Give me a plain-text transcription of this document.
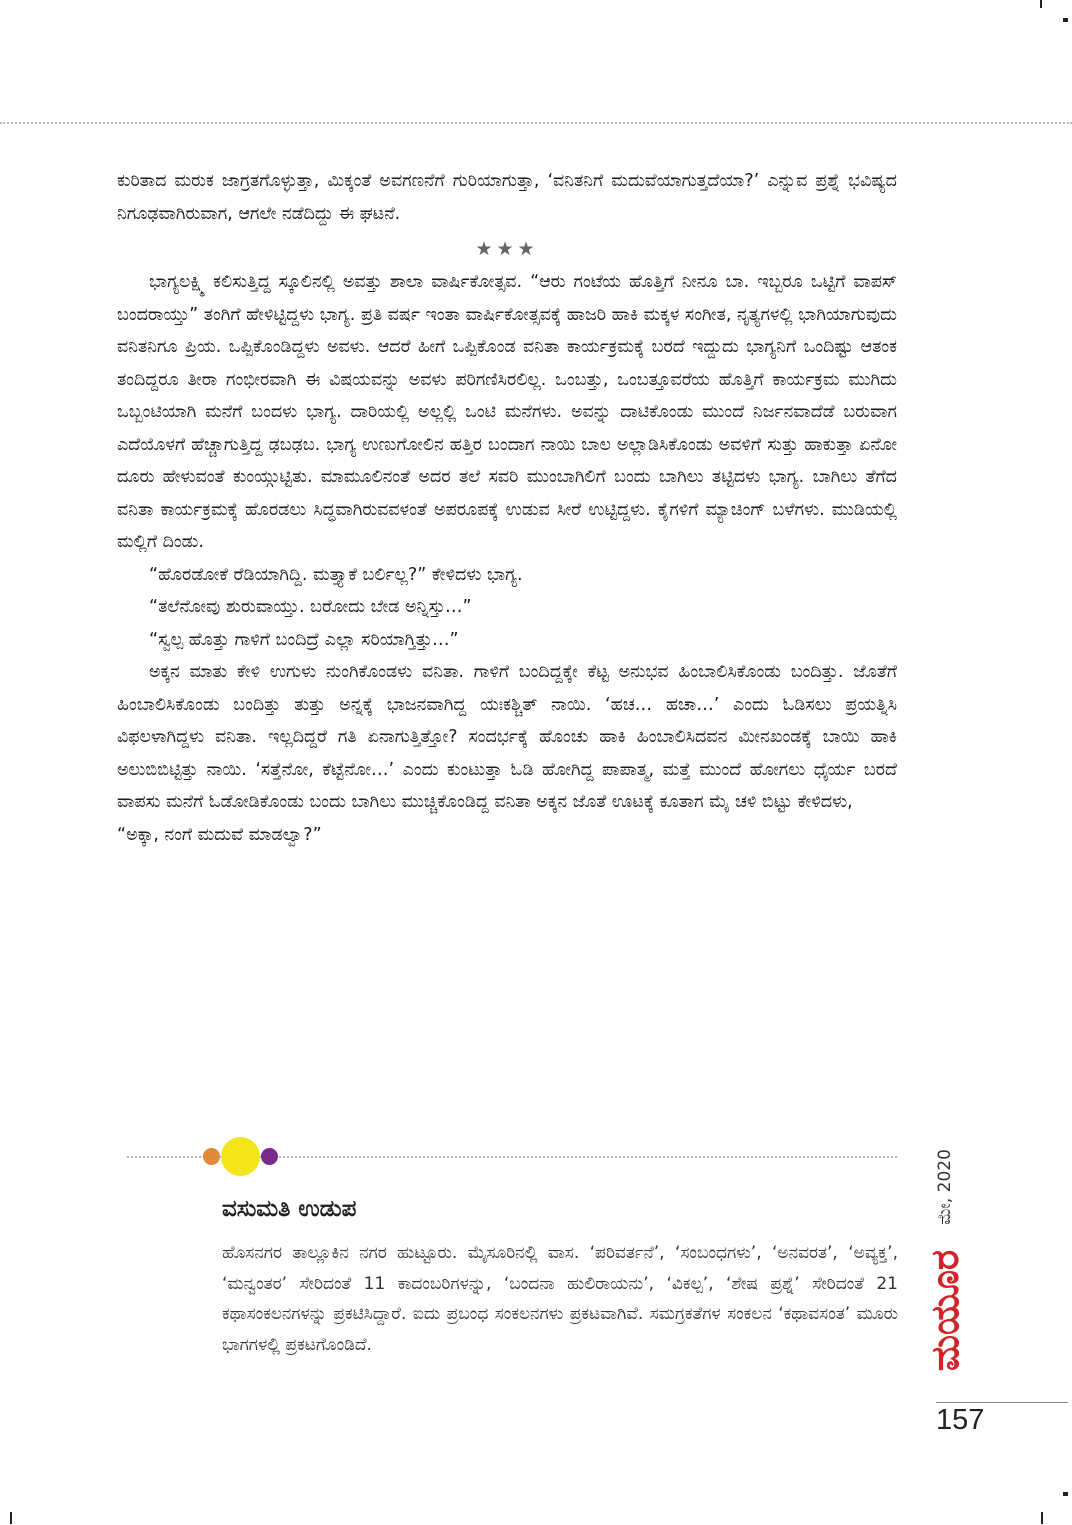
ಕುರಿತಾದ ಮರುಕ ಜಾಗ್ರತಗೊಳ್ಳುತ್ತಾ, ಮಿಕ್ಕಂತೆ ಅವಗಣನೆಗೆ ಗುರಿಯಾಗುತ್ತಾ, ‘ವನಿತನಿಗೆ ಮದುವೆಯಾಗುತ್ತದೆಯಾ?’ ಎನ್ನುವ ಪ್ರಶ್ನೆ ಭವಿಷ್ಯದ ನಿಗೂಢವಾಗಿರುವಾಗ, ಆಗಲೇ ನಡೆದಿದ್ದು ಈ ಘಟನೆ.

★★★

ಭಾಗ್ಯಲಕ್ಷ್ಮಿ ಕಲಿಸುತ್ತಿದ್ದ ಸ್ಕೂಲಿನಲ್ಲಿ ಅವತ್ತು ಶಾಲಾ ವಾರ್ಷಿಕೋತ್ಸವ. “ಆರು ಗಂಟೆಯ ಹೊತ್ತಿಗೆ ನೀನೂ ಬಾ. ಇಬ್ಬರೂ ಒಟ್ಟಿಗೆ ವಾಪಸ್ ಬಂದರಾಯ್ತು” ತಂಗಿಗೆ ಹೇಳಿಟ್ಟಿದ್ದಳು ಭಾಗ್ಯ. ಪ್ರತಿ ವರ್ಷ ಇಂತಾ ವಾರ್ಷಿಕೋತ್ಸವಕ್ಕೆ ಹಾಜರಿ ಹಾಕಿ ಮಕ್ಕಳ ಸಂಗೀತ, ನೃತ್ಯಗಳಲ್ಲಿ ಭಾಗಿಯಾಗುವುದು ವನಿತನಿಗೂ ಪ್ರಿಯ. ಒಪ್ಪಿಕೊಂಡಿದ್ದಳು ಅವಳು. ಆದರೆ ಹೀಗೆ ಒಪ್ಪಿಕೊಂಡ ವನಿತಾ ಕಾರ್ಯಕ್ರಮಕ್ಕೆ ಬರದೆ ಇದ್ದುದು ಭಾಗ್ಯನಿಗೆ ಒಂದಿಷ್ಟು ಆತಂಕ ತಂದಿದ್ದರೂ ತೀರಾ ಗಂಭೀರವಾಗಿ ಈ ವಿಷಯವನ್ನು ಅವಳು ಪರಿಗಣಿಸಿರಲಿಲ್ಲ. ಒಂಬತ್ತು, ಒಂಬತ್ತೂವರೆಯ ಹೊತ್ತಿಗೆ ಕಾರ್ಯಕ್ರಮ ಮುಗಿದು ಒಬ್ಬಂಟಿಯಾಗಿ ಮನೆಗೆ ಬಂದಳು ಭಾಗ್ಯ. ದಾರಿಯಲ್ಲಿ ಅಲ್ಲಲ್ಲಿ ಒಂಟಿ ಮನೆಗಳು. ಅವನ್ನು ದಾಟಿಕೊಂಡು ಮುಂದೆ ನಿರ್ಜನವಾದೆಡೆ ಬರುವಾಗ ಎದೆಯೊಳಗೆ ಹೆಚ್ಚಾಗುತ್ತಿದ್ದ ಢಬಢಬ. ಭಾಗ್ಯ ಉಣುಗೋಲಿನ ಹತ್ತಿರ ಬಂದಾಗ ನಾಯಿ ಬಾಲ ಅಲ್ಲಾಡಿಸಿಕೊಂಡು ಅವಳಿಗೆ ಸುತ್ತು ಹಾಕುತ್ತಾ ಏನೋ ದೂರು ಹೇಳುವಂತೆ ಕುಂಯ್ಗುಟ್ಟಿತು. ಮಾಮೂಲಿನಂತೆ ಅದರ ತಲೆ ಸವರಿ ಮುಂಬಾಗಿಲಿಗೆ ಬಂದು ಬಾಗಿಲು ತಟ್ಟಿದಳು ಭಾಗ್ಯ. ಬಾಗಿಲು ತೆಗೆದ ವನಿತಾ ಕಾರ್ಯಕ್ರಮಕ್ಕೆ ಹೊರಡಲು ಸಿದ್ಧವಾಗಿರುವವಳಂತೆ ಅಪರೂಪಕ್ಕೆ ಉಡುವ ಸೀರೆ ಉಟ್ಟಿದ್ದಳು. ಕೈಗಳಿಗೆ ಮ್ಯಾಚಿಂಗ್ ಬಳೆಗಳು. ಮುಡಿಯಲ್ಲಿ ಮಲ್ಲಿಗೆ ದಿಂಡು.

“ಹೊರಡೋಕೆ ರೆಡಿಯಾಗಿದ್ದಿ. ಮತ್ತ್ಯಾಕೆ ಬರ್ಲಿಲ್ಲ?” ಕೇಳಿದಳು ಭಾಗ್ಯ.

“ತಲೆನೋವು ಶುರುವಾಯ್ತು. ಬರೋದು ಬೇಡ ಅನ್ನಿಸ್ತು…”

“ಸ್ವಲ್ಪ ಹೊತ್ತು ಗಾಳಿಗೆ ಬಂದಿದ್ರೆ ಎಲ್ಲಾ ಸರಿಯಾಗ್ತಿತ್ತು…”

ಅಕ್ಕನ ಮಾತು ಕೇಳಿ ಉಗುಳು ನುಂಗಿಕೊಂಡಳು ವನಿತಾ. ಗಾಳಿಗೆ ಬಂದಿದ್ದಕ್ಕೇ ಕೆಟ್ಟ ಅನುಭವ ಹಿಂಬಾಲಿಸಿಕೊಂಡು ಬಂದಿತ್ತು. ಜೊತೆಗೆ ಹಿಂಬಾಲಿಸಿಕೊಂಡು ಬಂದಿತ್ತು ತುತ್ತು ಅನ್ನಕ್ಕೆ ಭಾಜನವಾಗಿದ್ದ ಯಃಕಶ್ಚಿತ್ ನಾಯಿ. ‘ಹಚ… ಹಚಾ…’ ಎಂದು ಓಡಿಸಲು ಪ್ರಯತ್ನಿಸಿ ವಿಫಲಳಾಗಿದ್ದಳು ವನಿತಾ. ಇಲ್ಲದಿದ್ದರೆ ಗತಿ ಏನಾಗುತ್ತಿತ್ತೋ? ಸಂದರ್ಭಕ್ಕೆ ಹೊಂಚು ಹಾಕಿ ಹಿಂಬಾಲಿಸಿದವನ ಮೀನಖಂಡಕ್ಕೆ ಬಾಯಿ ಹಾಕಿ ಅಲುಬಿಬಿಟ್ಟಿತ್ತು ನಾಯಿ. ‘ಸತ್ತೆನೋ, ಕೆಟ್ಟೆನೋ…’ ಎಂದು ಕುಂಟುತ್ತಾ ಓಡಿ ಹೋಗಿದ್ದ ಪಾಪಾತ್ಮ, ಮತ್ತೆ ಮುಂದೆ ಹೋಗಲು ಧೈರ್ಯ ಬರದೆ ವಾಪಸು ಮನೆಗೆ ಓಡೋಡಿಕೊಂಡು ಬಂದು ಬಾಗಿಲು ಮುಚ್ಚಿಕೊಂಡಿದ್ದ ವನಿತಾ ಅಕ್ಕನ ಜೊತೆ ಊಟಕ್ಕೆ ಕೂತಾಗ ಮೈ ಚಳಿ ಬಿಟ್ಟು ಕೇಳಿದಳು,

“ಅಕ್ಕಾ, ನಂಗೆ ಮದುವೆ ಮಾಡಲ್ವಾ?”

ವಸುಮತಿ ಉಡುಪ
ಹೊಸನಗರ ತಾಲ್ಲೂಕಿನ ನಗರ ಹುಟ್ಟೂರು. ಮೈಸೂರಿನಲ್ಲಿ ವಾಸ. ‘ಪರಿವರ್ತನೆ’, ‘ಸಂಬಂಧಗಳು’, ‘ಅನವರತ’, ‘ಅವ್ಯಕ್ತ’, ‘ಮನ್ವಂತರ’ ಸೇರಿದಂತೆ 11 ಕಾದಂಬರಿಗಳನ್ನು, ‘ಬಂದನಾ ಹುಲಿರಾಯನು’, ‘ವಿಕಲ್ಪ’, ‘ಶೇಷ ಪ್ರಶ್ನೆ’ ಸೇರಿದಂತೆ 21 ಕಥಾಸಂಕಲನಗಳನ್ನು ಪ್ರಕಟಿಸಿದ್ದಾರೆ. ಐದು ಪ್ರಬಂಧ ಸಂಕಲನಗಳು ಪ್ರಕಟವಾಗಿವೆ. ಸಮಗ್ರಕತೆಗಳ ಸಂಕಲನ ‘ಕಥಾವಸಂತ’ ಮೂರು ಭಾಗಗಳಲ್ಲಿ ಪ್ರಕಟಗೊಂಡಿದೆ.
ಮೇ, 2020
ಮಯೂರ
157
